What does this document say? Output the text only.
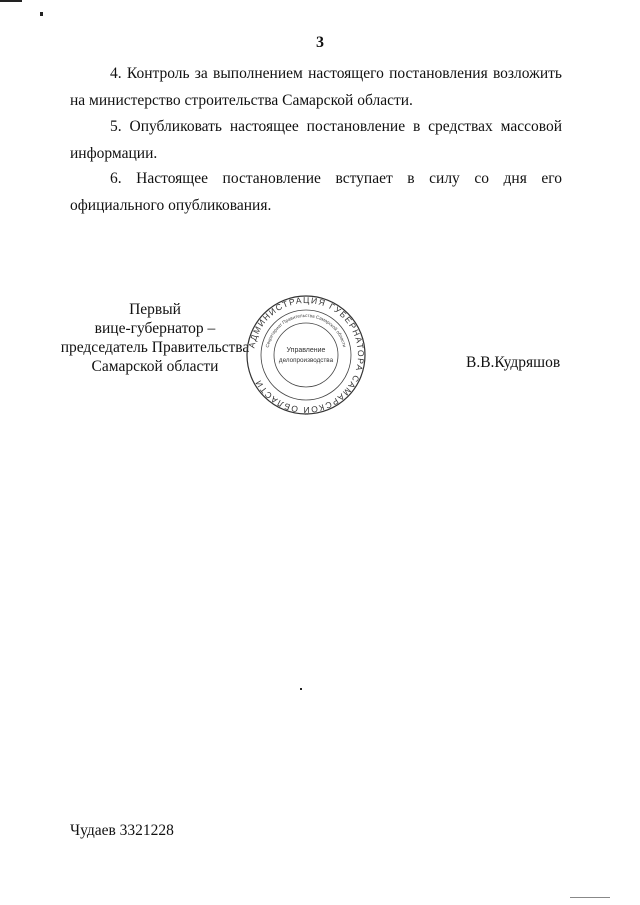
3
4. Контроль за выполнением настоящего постановления возложить на министерство строительства Самарской области.
5. Опубликовать настоящее постановление в средствах массовой информации.
6. Настоящее постановление вступает в силу со дня его
официального опубликования.
Первый
вице-губернатор –
председатель Правительства
Самарской области
АДМИНИСТРАЦИЯ ГУБЕРНАТОРА САМАРСКОЙ ОБЛАСТИ
Секретариат Правительства Самарской области
Управление
делопроизводства	В.В.Кудряшов
Чудаев 3321228
